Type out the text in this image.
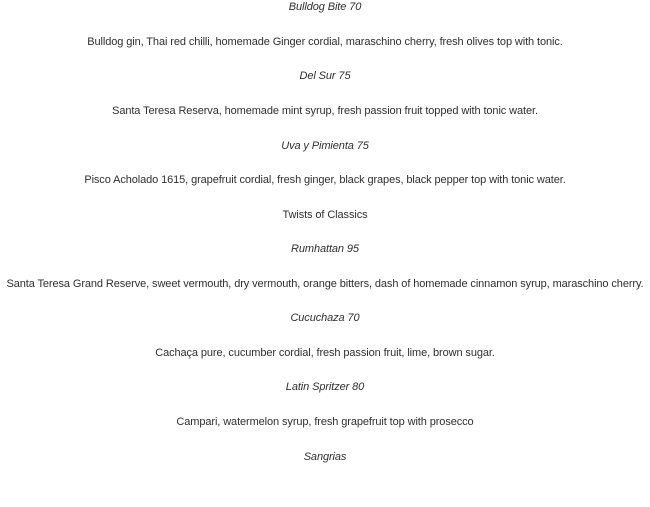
Bulldog Bite 70
Bulldog gin, Thai red chilli, homemade Ginger cordial, maraschino cherry, fresh olives top with tonic.
Del Sur 75
Santa Teresa Reserva, homemade mint syrup, fresh passion fruit topped with tonic water.
Uva y Pimienta 75
Pisco Acholado 1615, grapefruit cordial, fresh ginger, black grapes, black pepper top with tonic water.
Twists of Classics
Rumhattan 95
Santa Teresa Grand Reserve, sweet vermouth, dry vermouth, orange bitters, dash of homemade cinnamon syrup, maraschino cherry.
Cucuchaza 70
Cachaça pure, cucumber cordial, fresh passion fruit, lime, brown sugar.
Latin Spritzer 80
Campari, watermelon syrup, fresh grapefruit top with prosecco
Sangrias
